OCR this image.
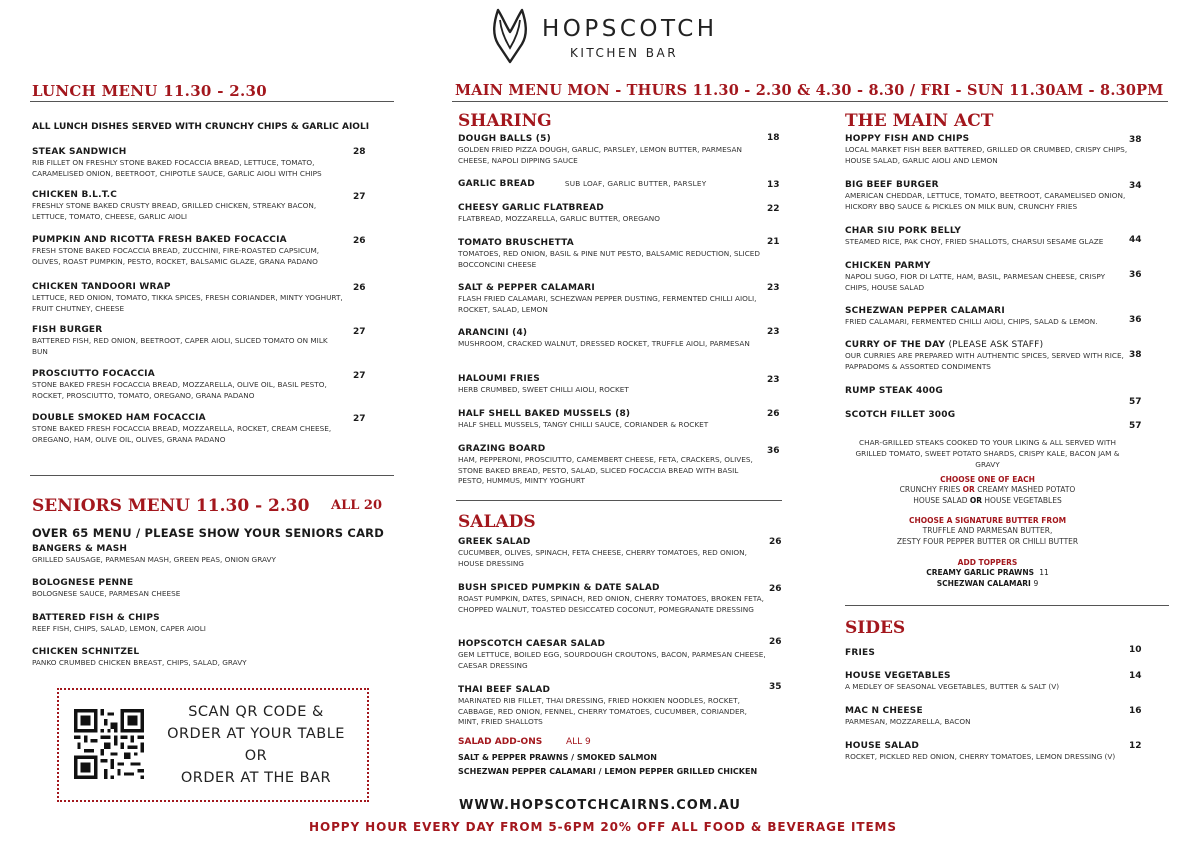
HOPSCOTCH
KITCHEN BAR
LUNCH MENU 11.30 - 2.30
ALL LUNCH DISHES SERVED WITH CRUNCHY CHIPS & GARLIC AIOLI
STEAK SANDWICH
RIB FILLET ON FRESHLY STONE BAKED FOCACCIA BREAD, LETTUCE, TOMATO, CARAMELISED ONION, BEETROOT, CHIPOTLE SAUCE, GARLIC AIOLI WITH CHIPS
28
CHICKEN B.L.T.C
FRESHLY STONE BAKED CRUSTY BREAD, GRILLED CHICKEN, STREAKY BACON, LETTUCE, TOMATO, CHEESE, GARLIC AIOLI
27
PUMPKIN AND RICOTTA FRESH BAKED FOCACCIA
FRESH STONE BAKED FOCACCIA BREAD, ZUCCHINI, FIRE-ROASTED CAPSICUM, OLIVES, ROAST PUMPKIN, PESTO, ROCKET, BALSAMIC GLAZE, GRANA PADANO
26
CHICKEN TANDOORI WRAP
LETTUCE, RED ONION, TOMATO, TIKKA SPICES, FRESH CORIANDER, MINTY YOGHURT, FRUIT CHUTNEY, CHEESE
26
FISH BURGER
BATTERED FISH, RED ONION, BEETROOT, CAPER AIOLI, SLICED TOMATO ON MILK BUN
27
PROSCIUTTO FOCACCIA
STONE BAKED FRESH FOCACCIA BREAD, MOZZARELLA, OLIVE OIL, BASIL PESTO, ROCKET, PROSCIUTTO, TOMATO, OREGANO, GRANA PADANO
27
DOUBLE SMOKED HAM FOCACCIA
STONE BAKED FRESH FOCACCIA BREAD, MOZZARELLA, ROCKET, CREAM CHEESE, OREGANO, HAM, OLIVE OIL, OLIVES, GRANA PADANO
27
SENIORS MENU 11.30 - 2.30 ALL 20
OVER 65 MENU / PLEASE SHOW YOUR SENIORS CARD
BANGERS & MASH
GRILLED SAUSAGE, PARMESAN MASH, GREEN PEAS, ONION GRAVY
BOLOGNESE PENNE
BOLOGNESE SAUCE, PARMESAN CHEESE
BATTERED FISH & CHIPS
REEF FISH, CHIPS, SALAD, LEMON, CAPER AIOLI
CHICKEN SCHNITZEL
PANKO CRUMBED CHICKEN BREAST, CHIPS, SALAD, GRAVY
SCAN QR CODE &
ORDER AT YOUR TABLE
OR
ORDER AT THE BAR
MAIN MENU MON - THURS 11.30 - 2.30 & 4.30 - 8.30 / FRI - SUN 11.30AM - 8.30PM
SHARING
DOUGH BALLS (5)
GOLDEN FRIED PIZZA DOUGH, GARLIC, PARSLEY, LEMON BUTTER, PARMESAN CHEESE, NAPOLI DIPPING SAUCE
18
GARLIC BREAD	SUB LOAF, GARLIC BUTTER, PARSLEY	13
CHEESY GARLIC FLATBREAD
FLATBREAD, MOZZARELLA, GARLIC BUTTER, OREGANO
22
TOMATO BRUSCHETTA
TOMATOES, RED ONION, BASIL & PINE NUT PESTO, BALSAMIC REDUCTION, SLICED BOCCONCINI CHEESE
21
SALT & PEPPER CALAMARI
FLASH FRIED CALAMARI, SCHEZWAN PEPPER DUSTING, FERMENTED CHILLI AIOLI, ROCKET, SALAD, LEMON
23
ARANCINI (4)
MUSHROOM, CRACKED WALNUT, DRESSED ROCKET, TRUFFLE AIOLI, PARMESAN
23
HALOUMI FRIES
HERB CRUMBED, SWEET CHILLI AIOLI, ROCKET
23
HALF SHELL BAKED MUSSELS (8)
HALF SHELL MUSSELS, TANGY CHILLI SAUCE, CORIANDER & ROCKET
26
GRAZING BOARD
HAM, PEPPERONI, PROSCIUTTO, CAMEMBERT CHEESE, FETA, CRACKERS, OLIVES, STONE BAKED BREAD, PESTO, SALAD, SLICED FOCACCIA BREAD WITH BASIL PESTO, HUMMUS, MINTY YOGHURT
36
SALADS
GREEK SALAD
CUCUMBER, OLIVES, SPINACH, FETA CHEESE, CHERRY TOMATOES, RED ONION, HOUSE DRESSING
26
BUSH SPICED PUMPKIN & DATE SALAD
ROAST PUMPKIN, DATES, SPINACH, RED ONION, CHERRY TOMATOES, BROKEN FETA, CHOPPED WALNUT, TOASTED DESICCATED COCONUT, POMEGRANATE DRESSING
26
HOPSCOTCH CAESAR SALAD
GEM LETTUCE, BOILED EGG, SOURDOUGH CROUTONS, BACON, PARMESAN CHEESE, CAESAR DRESSING
26
THAI BEEF SALAD
MARINATED RIB FILLET, THAI DRESSING, FRIED HOKKIEN NOODLES, ROCKET, CABBAGE, RED ONION, FENNEL, CHERRY TOMATOES, CUCUMBER, CORIANDER, MINT, FRIED SHALLOTS
35
SALAD ADD-ONS	ALL 9
SALT & PEPPER PRAWNS / SMOKED SALMON
SCHEZWAN PEPPER CALAMARI / LEMON PEPPER GRILLED CHICKEN
THE MAIN ACT
HOPPY FISH AND CHIPS
LOCAL MARKET FISH BEER BATTERED, GRILLED OR CRUMBED, CRISPY CHIPS, HOUSE SALAD, GARLIC AIOLI AND LEMON
38
BIG BEEF BURGER
AMERICAN CHEDDAR, LETTUCE, TOMATO, BEETROOT, CARAMELISED ONION, HICKORY BBQ SAUCE & PICKLES ON MILK BUN, CRUNCHY FRIES
34
CHAR SIU PORK BELLY
STEAMED RICE, PAK CHOY, FRIED SHALLOTS, CHARSUI SESAME GLAZE	44
CHICKEN PARMY
NAPOLI SUGO, FIOR DI LATTE, HAM, BASIL, PARMESAN CHEESE, CRISPY CHIPS, HOUSE SALAD
36
SCHEZWAN PEPPER CALAMARI
FRIED CALAMARI, FERMENTED CHILLI AIOLI, CHIPS, SALAD & LEMON.	36
CURRY OF THE DAY (PLEASE ASK STAFF)
OUR CURRIES ARE PREPARED WITH AUTHENTIC SPICES, SERVED WITH RICE, PAPPADOMS & ASSORTED CONDIMENTS
38
RUMP STEAK 400G
57
SCOTCH FILLET 300G
57
CHAR-GRILLED STEAKS COOKED TO YOUR LIKING & ALL SERVED WITH GRILLED TOMATO, SWEET POTATO SHARDS, CRISPY KALE, BACON JAM & GRAVY
CHOOSE ONE OF EACH
CRUNCHY FRIES OR CREAMY MASHED POTATO
HOUSE SALAD OR HOUSE VEGETABLES
CHOOSE A SIGNATURE BUTTER FROM
TRUFFLE AND PARMESAN BUTTER,
ZESTY FOUR PEPPER BUTTER OR CHILLI BUTTER
ADD TOPPERS
CREAMY GARLIC PRAWNS 11
SCHEZWAN CALAMARI 9
SIDES
FRIES	10
HOUSE VEGETABLES
A MEDLEY OF SEASONAL VEGETABLES, BUTTER & SALT (V)
14
MAC N CHEESE
PARMESAN, MOZZARELLA, BACON
16
HOUSE SALAD
ROCKET, PICKLED RED ONION, CHERRY TOMATOES, LEMON DRESSING (V)
12
WWW.HOPSCOTCHCAIRNS.COM.AU
HOPPY HOUR EVERY DAY FROM 5-6PM 20% OFF ALL FOOD & BEVERAGE ITEMS
